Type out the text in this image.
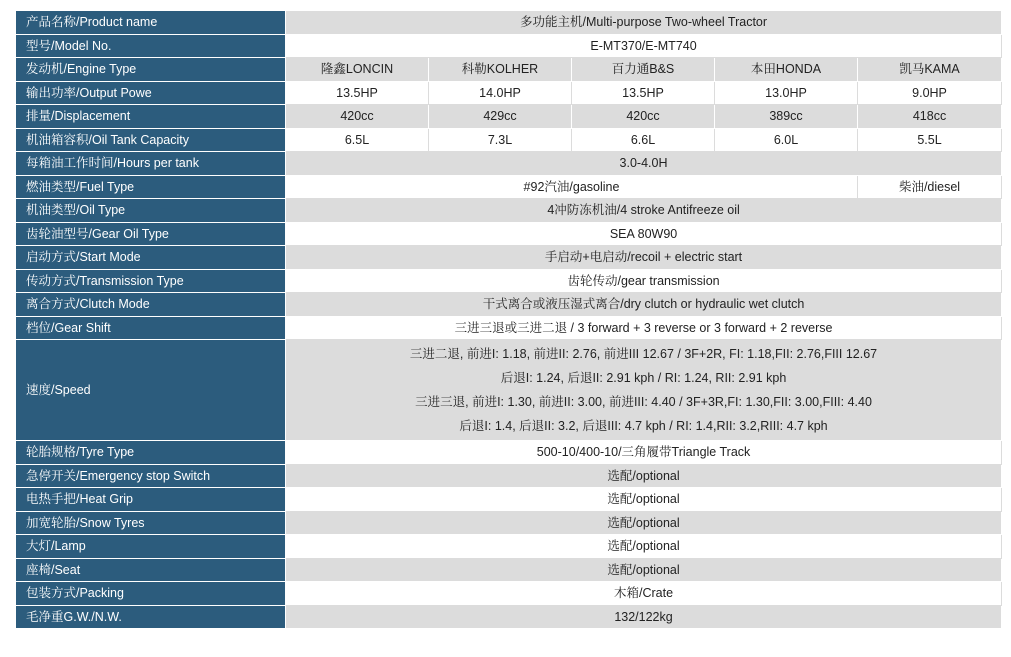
产品名称/Product name	多功能主机/Multi-purpose Two-wheel Tractor				
型号/Model No.	E-MT370/E-MT740				
发动机/Engine Type	隆鑫LONCIN	科勒KOLHER	百力通B&S	本田HONDA	凯马KAMA
输出功率/Output Powe	13.5HP	14.0HP	13.5HP	13.0HP	9.0HP
排量/Displacement	420cc	429cc	420cc	389cc	418cc
机油箱容积/Oil Tank Capacity	6.5L	7.3L	6.6L	6.0L	5.5L
每箱油工作时间/Hours per tank	3.0-4.0H				
燃油类型/Fuel Type	#92汽油/gasoline				柴油/diesel
机油类型/Oil Type	4冲防冻机油/4 stroke Antifreeze oil				
齿轮油型号/Gear Oil Type	SEA 80W90				
启动方式/Start Mode	手启动+电启动/recoil + electric start				
传动方式/Transmission Type	齿轮传动/gear transmission				
离合方式/Clutch Mode	干式离合或液压湿式离合/dry clutch or hydraulic wet clutch				
档位/Gear Shift	三进三退或三进二退 / 3 forward + 3 reverse or 3 forward + 2 reverse				
速度/Speed	三进二退, 前进I: 1.18, 前进II: 2.76, 前进III 12.67 / 3F+2R, FI: 1.18,FII: 2.76,FIII 12.67
后退I: 1.24, 后退II: 2.91 kph / RI: 1.24, RII: 2.91 kph
三进三退, 前进I: 1.30, 前进II: 3.00, 前进III: 4.40 / 3F+3R,FI: 1.30,FII: 3.00,FIII: 4.40
后退I: 1.4, 后退II: 3.2, 后退III: 4.7 kph / RI: 1.4,RII: 3.2,RIII: 4.7 kph				

轮胎规格/Tyre Type	500-10/400-10/三角履带Triangle Track				
急停开关/Emergency stop Switch	选配/optional				
电热手把/Heat Grip	选配/optional				
加宽轮胎/Snow Tyres	选配/optional				
大灯/Lamp	选配/optional				
座椅/Seat	选配/optional				
包装方式/Packing	木箱/Crate				
毛净重G.W./N.W.	132/122kg				
